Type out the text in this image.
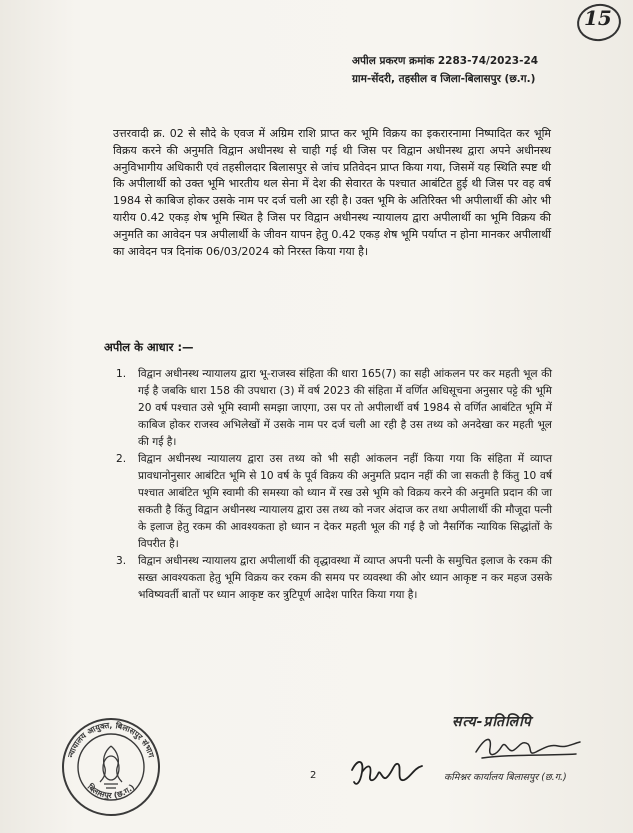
15
अपील प्रकरण क्रमांक 2283-74/2023-24
ग्राम-सेंदरी, तहसील व जिला-बिलासपुर (छ.ग.)

उत्तरवादी क्र. 02 से सौदे के एवज में अग्रिम राशि प्राप्त कर भूमि विक्रय का इकरारनामा निष्पादित कर भूमि विक्रय करने की अनुमति विद्वान अधीनस्थ से चाही गई थी जिस पर विद्वान अधीनस्थ द्वारा अपने अधीनस्थ अनुविभागीय अधिकारी एवं तहसीलदार बिलासपुर से जांच प्रतिवेदन प्राप्त किया गया, जिसमें यह स्थिति स्पष्ट थी कि अपीलार्थी को उक्त भूमि भारतीय थल सेना में देश की सेवारत के पश्चात आबंटित हुई थी जिस पर वह वर्ष 1984 से काबिज होकर उसके नाम पर दर्ज चली आ रही है। उक्त भूमि के अतिरिक्त भी अपीलार्थी की ओर भी यारीय 0.42 एकड़ शेष भूमि स्थित है जिस पर विद्वान अधीनस्थ न्यायालय द्वारा अपीलार्थी का भूमि विक्रय की अनुमति का आवेदन पत्र अपीलार्थी के जीवन यापन हेतु 0.42 एकड़ शेष भूमि पर्याप्त न होना मानकर अपीलार्थी का आवेदन पत्र दिनांक 06/03/2024 को निरस्त किया गया है।

अपील के आधार :—
1. विद्वान अधीनस्थ न्यायालय द्वारा भू-राजस्व संहिता की धारा 165(7) का सही आंकलन पर कर महती भूल की गई है जबकि धारा 158 की उपधारा (3) में वर्ष 2023 की संहिता में वर्णित अधिसूचना अनुसार पट्टे की भूमि 20 वर्ष पश्चात उसे भूमि स्वामी समझा जाएगा, उस पर तो अपीलार्थी वर्ष 1984 से वर्णित आबंटित भूमि में काबिज होकर राजस्व अभिलेखों में उसके नाम पर दर्ज चली आ रही है उस तथ्य को अनदेखा कर महती भूल की गई है।
2. विद्वान अधीनस्थ न्यायालय द्वारा उस तथ्य को भी सही आंकलन नहीं किया गया कि संहिता में व्याप्त प्रावधानोनुसार आबंटित भूमि से 10 वर्ष के पूर्व विक्रय की अनुमति प्रदान नहीं की जा सकती है किंतु 10 वर्ष पश्चात आबंटित भूमि स्वामी की समस्या को ध्यान में रख उसे भूमि को विक्रय करने की अनुमति प्रदान की जा सकती है किंतु विद्वान अधीनस्थ न्यायालय द्वारा उस तथ्य को नजर अंदाज कर तथा अपीलार्थी की मौजूदा पत्नी के इलाज हेतु रकम की आवश्यकता हो ध्यान न देकर महती भूल की गई है जो नैसर्गिक न्यायिक सिद्धांतों के विपरीत है।
3. विद्वान अधीनस्थ न्यायालय द्वारा अपीलार्थी की वृद्धावस्था में व्याप्त अपनी पत्नी के समुचित इलाज के रकम की सख्त आवश्यकता हेतु भूमि विक्रय कर रकम की समय पर व्यवस्था की ओर ध्यान आकृष्ट न कर महज उसके भविष्यवर्ती बातों पर ध्यान आकृष्ट कर त्रुटिपूर्ण आदेश पारित किया गया है।
न्यायालय आयुक्त, बिलासपुर संभाग
बिलासपुर (छ.ग.)
2
सत्य-प्रतिलिपि
कमिश्नर कार्यालय बिलासपुर (छ.ग.)
